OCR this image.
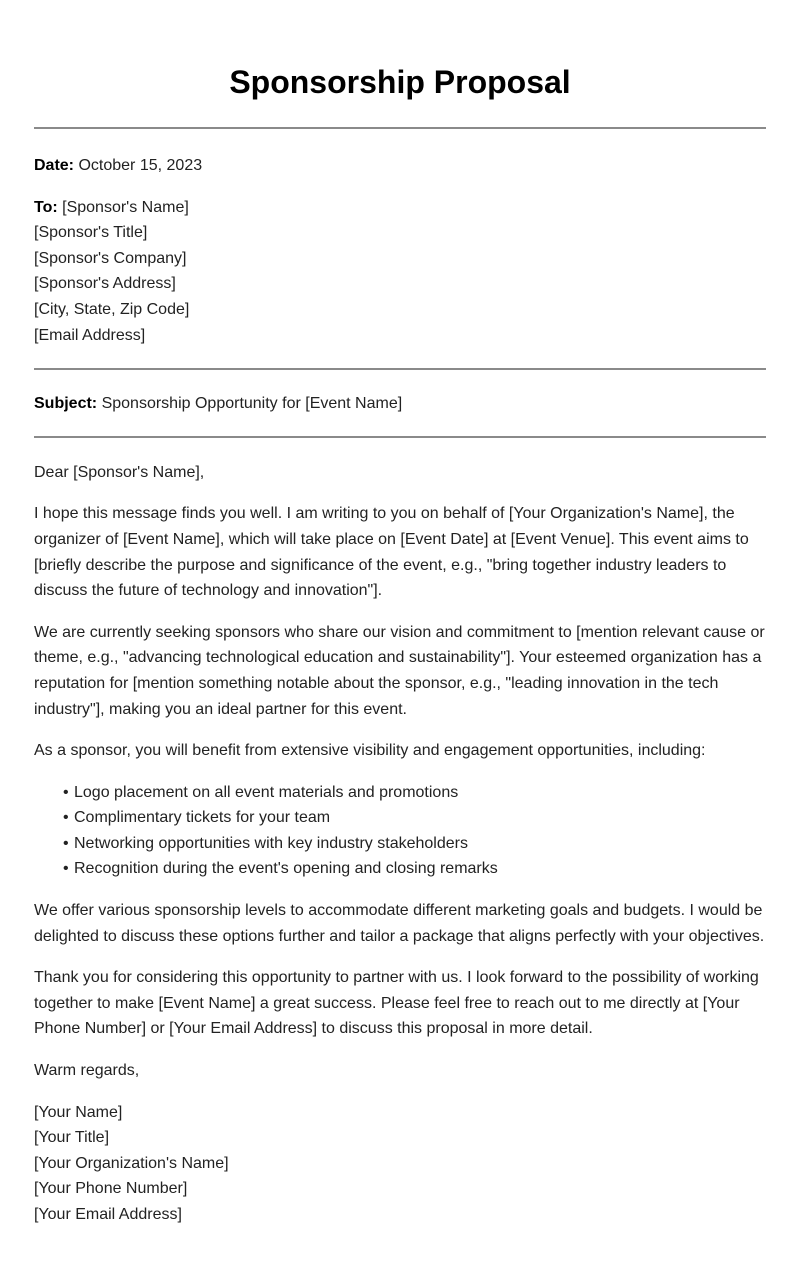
Sponsorship Proposal

Date: October 15, 2023

To: [Sponsor's Name]

[Sponsor's Title]

[Sponsor's Company]

[Sponsor's Address]

[City, State, Zip Code]

[Email Address]

Subject: Sponsorship Opportunity for [Event Name]

Dear [Sponsor's Name],

I hope this message finds you well. I am writing to you on behalf of [Your Organization's Name], the organizer of [Event Name], which will take place on [Event Date] at [Event Venue]. This event aims to [briefly describe the purpose and significance of the event, e.g., "bring together industry leaders to discuss the future of technology and innovation"].

We are currently seeking sponsors who share our vision and commitment to [mention relevant cause or theme, e.g., "advancing technological education and sustainability"]. Your esteemed organization has a reputation for [mention something notable about the sponsor, e.g., "leading innovation in the tech industry"], making you an ideal partner for this event.

As a sponsor, you will benefit from extensive visibility and engagement opportunities, including:

• Logo placement on all event materials and promotions
• Complimentary tickets for your team
• Networking opportunities with key industry stakeholders
• Recognition during the event's opening and closing remarks

We offer various sponsorship levels to accommodate different marketing goals and budgets. I would be delighted to discuss these options further and tailor a package that aligns perfectly with your objectives.

Thank you for considering this opportunity to partner with us. I look forward to the possibility of working together to make [Event Name] a great success. Please feel free to reach out to me directly at [Your Phone Number] or [Your Email Address] to discuss this proposal in more detail.

Warm regards,

[Your Name]

[Your Title]

[Your Organization's Name]

[Your Phone Number]

[Your Email Address]
